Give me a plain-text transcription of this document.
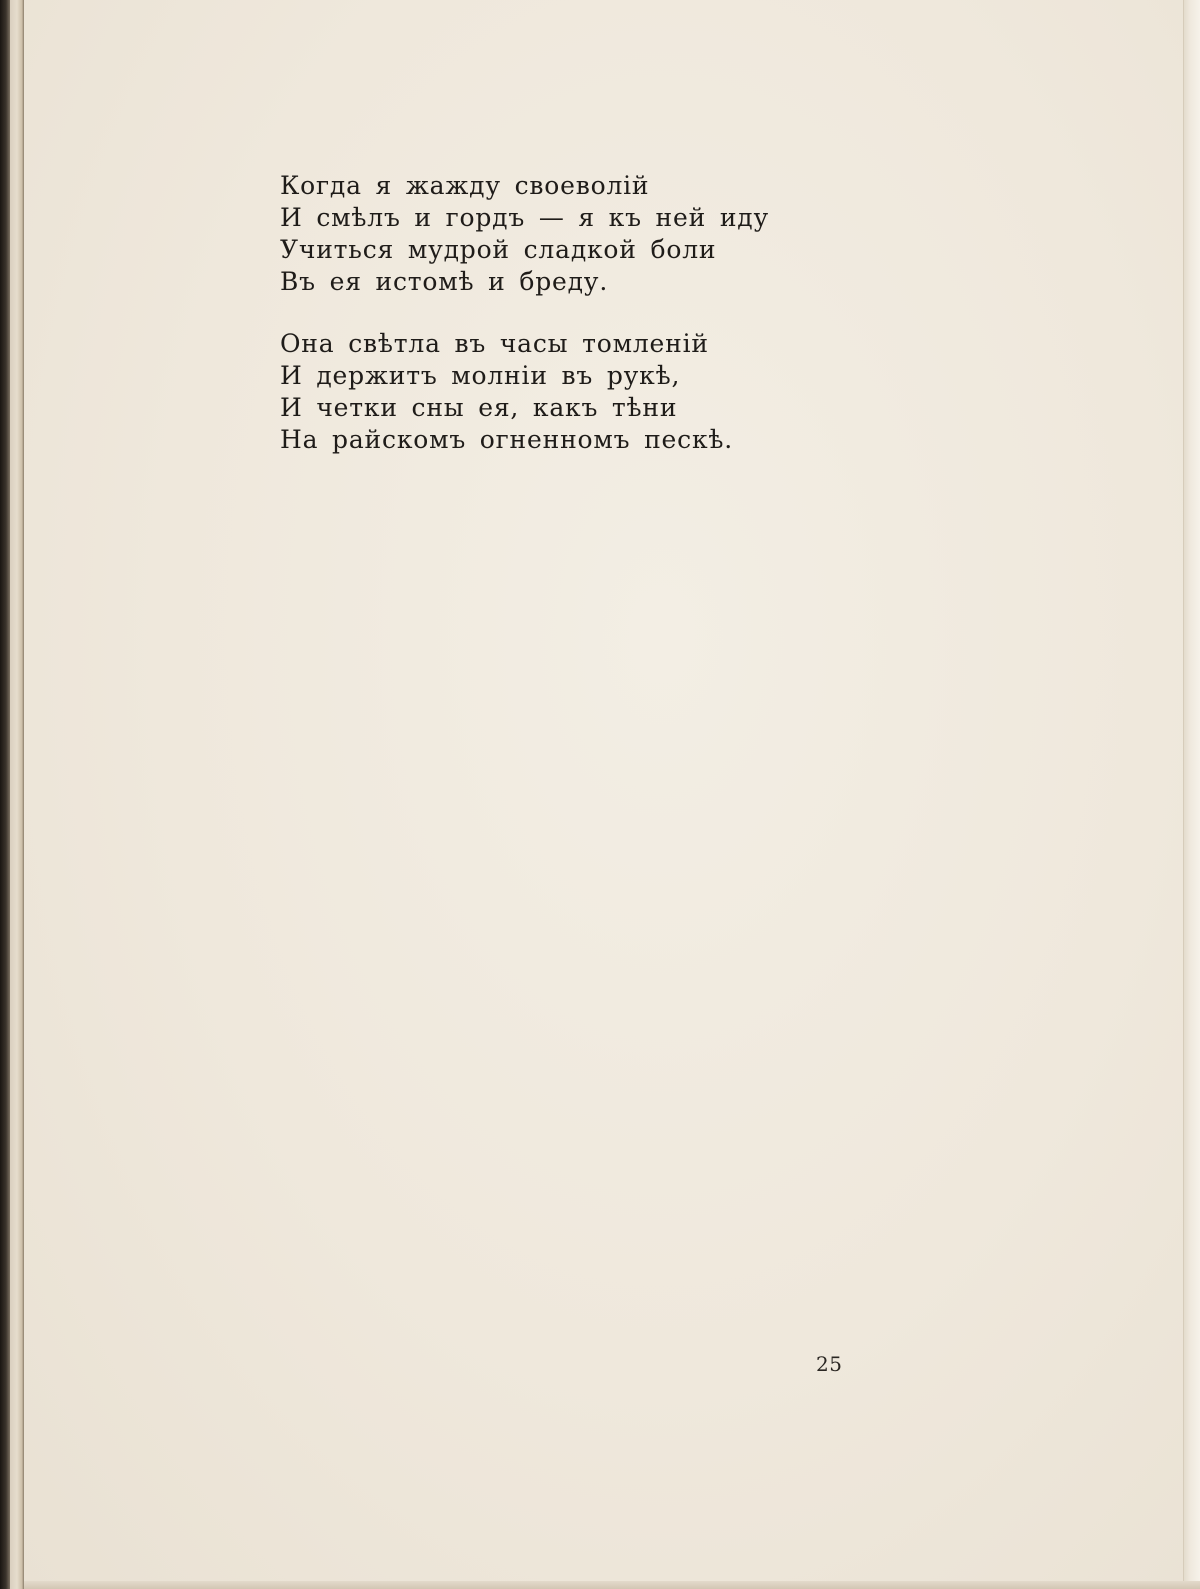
Когда я жажду своеволій
И смѣлъ и гордъ — я къ ней иду
Учиться мудрой сладкой боли
Въ ея истомѣ и бреду.
Она свѣтла въ часы томленій
И держитъ молніи въ рукѣ,
И четки сны ея, какъ тѣни
На райскомъ огненномъ пескѣ.
25
